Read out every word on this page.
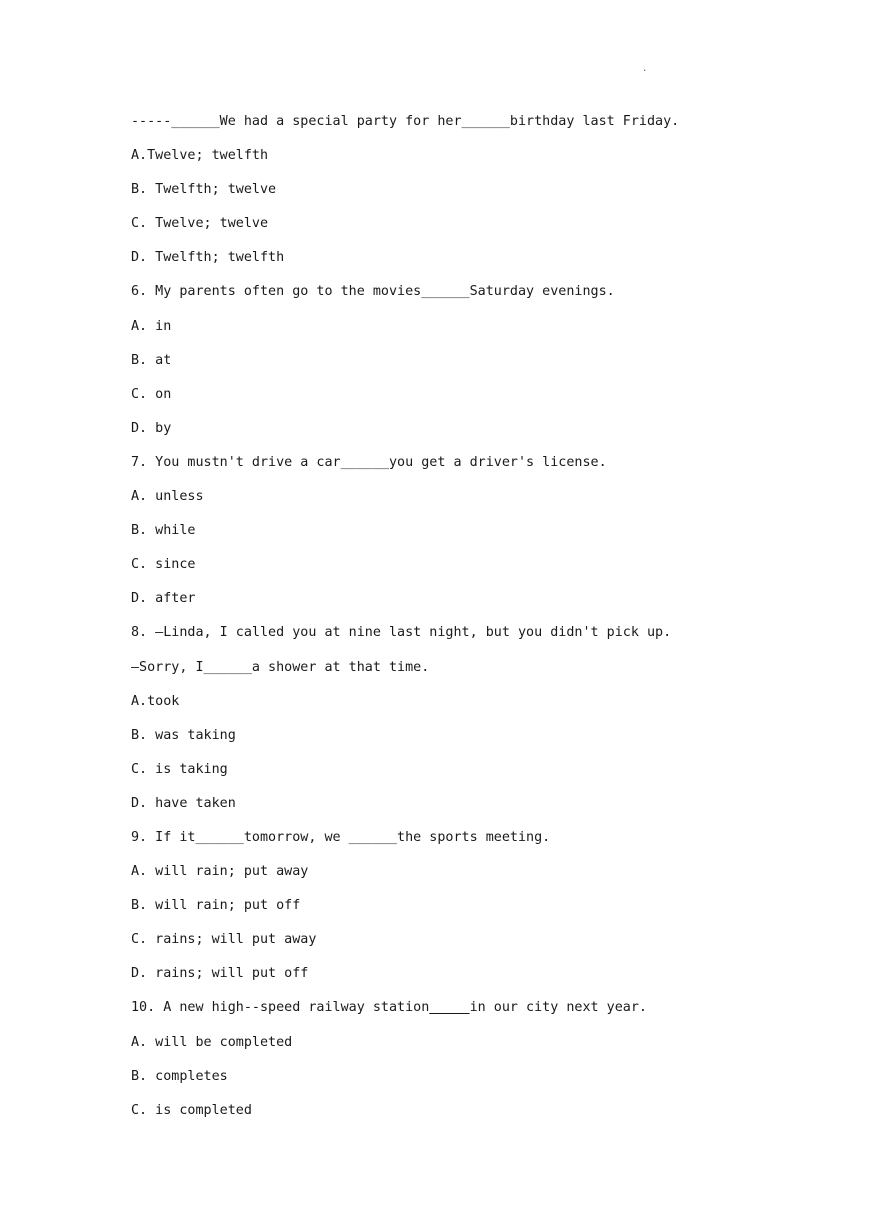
.
-----______We had a special party for her______birthday last Friday.
A.Twelve; twelfth
B. Twelfth; twelve
C. Twelve; twelve
D. Twelfth; twelfth
6. My parents often go to the movies______Saturday evenings.
A. in
B. at
C. on
D. by
7. You mustn't drive a car______you get a driver's license.
A. unless
B. while
C. since
D. after
8. —Linda, I called you at nine last night, but you didn't pick up.
—Sorry, I______a shower at that time.
A.took
B. was taking
C. is taking
D. have taken
9. If it______tomorrow, we ______the sports meeting.
A. will rain; put away
B. will rain; put off
C. rains; will put away
D. rains; will put off
10. A new high--speed railway station	in our city next year.
A. will be completed
B. completes
C. is completed
